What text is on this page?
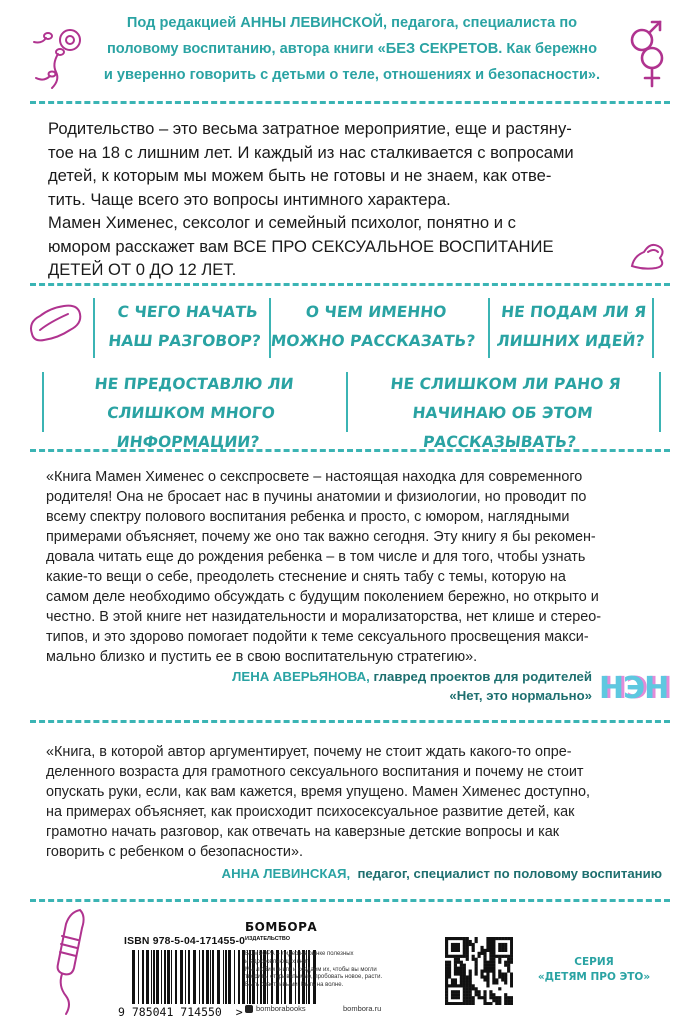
Под редакцией АННЫ ЛЕВИНСКОЙ, педагога, специалиста по
половому воспитанию, автора книги «БЕЗ СЕКРЕТОВ. Как бережно
и уверенно говорить с детьми о теле, отношениях и безопасности».
Родительство – это весьма затратное мероприятие, еще и растяну-
тое на 18 с лишним лет. И каждый из нас сталкивается с вопросами
детей, к которым мы можем быть не готовы и не знаем, как отве-
тить. Чаще всего это вопросы интимного характера.
Мамен Хименес, сексолог и семейный психолог, понятно и с
юмором расскажет вам ВСЕ ПРО СЕКСУАЛЬНОЕ ВОСПИТАНИЕ
ДЕТЕЙ ОТ 0 ДО 12 ЛЕТ.
С ЧЕГО НАЧАТЬ
НАШ РАЗГОВОР?
О ЧЕМ ИМЕННО
МОЖНО РАССКАЗАТЬ?
НЕ ПОДАМ ЛИ Я
ЛИШНИХ ИДЕЙ?
НЕ ПРЕДОСТАВЛЮ ЛИ
СЛИШКОМ МНОГО ИНФОРМАЦИИ?
НЕ СЛИШКОМ ЛИ РАНО Я
НАЧИНАЮ ОБ ЭТОМ РАССКАЗЫВАТЬ?
«Книга Мамен Хименес о секспросвете – настоящая находка для современного
родителя! Она не бросает нас в пучины анатомии и физиологии, но проводит по
всему спектру полового воспитания ребенка и просто, с юмором, наглядными
примерами объясняет, почему же оно так важно сегодня. Эту книгу я бы рекомен-
довала читать еще до рождения ребенка – в том числе и для того, чтобы узнать
какие-то вещи о себе, преодолеть стеснение и снять табу с темы, которую на
самом деле необходимо обсуждать с будущим поколением бережно, но открыто и
честно. В этой книге нет назидательности и морализаторства, нет клише и стерео-
типов, и это здорово помогает подойти к теме сексуального просвещения макси-
мально близко и пустить ее в свою воспитательную стратегию».
ЛЕНА АВЕРЬЯНОВА, главред проектов для родителей
«Нет, это нормально» НЭН
«Книга, в которой автор аргументирует, почему не стоит ждать какого-то опре-
деленного возраста для грамотного сексуального воспитания и почему не стоит
опускать руки, если, как вам кажется, время упущено. Мамен Хименес доступно,
на примерах объясняет, как происходит психосексуальное развитие детей, как
грамотно начать разговор, как отвечать на каверзные детские вопросы и как
говорить с ребенком о безопасности».
АННА ЛЕВИНСКАЯ, педагог, специалист по половому воспитанию
ISBN 978-5-04-171455-0
9 785041 714550 >
БОМБОРА
ИЗДАТЕЛЬСТВО
БОМБОРА – лидер на рынке полезных
и вдохновляющих книг.
Мы любим книги и создаем их, чтобы вы могли
творить, открывать мир, пробовать новое, расти.
Быть счастливыми. Быть на волне.
bomborabooks	bombora.ru
СЕРИЯ
«ДЕТЯМ ПРО ЭТО»
